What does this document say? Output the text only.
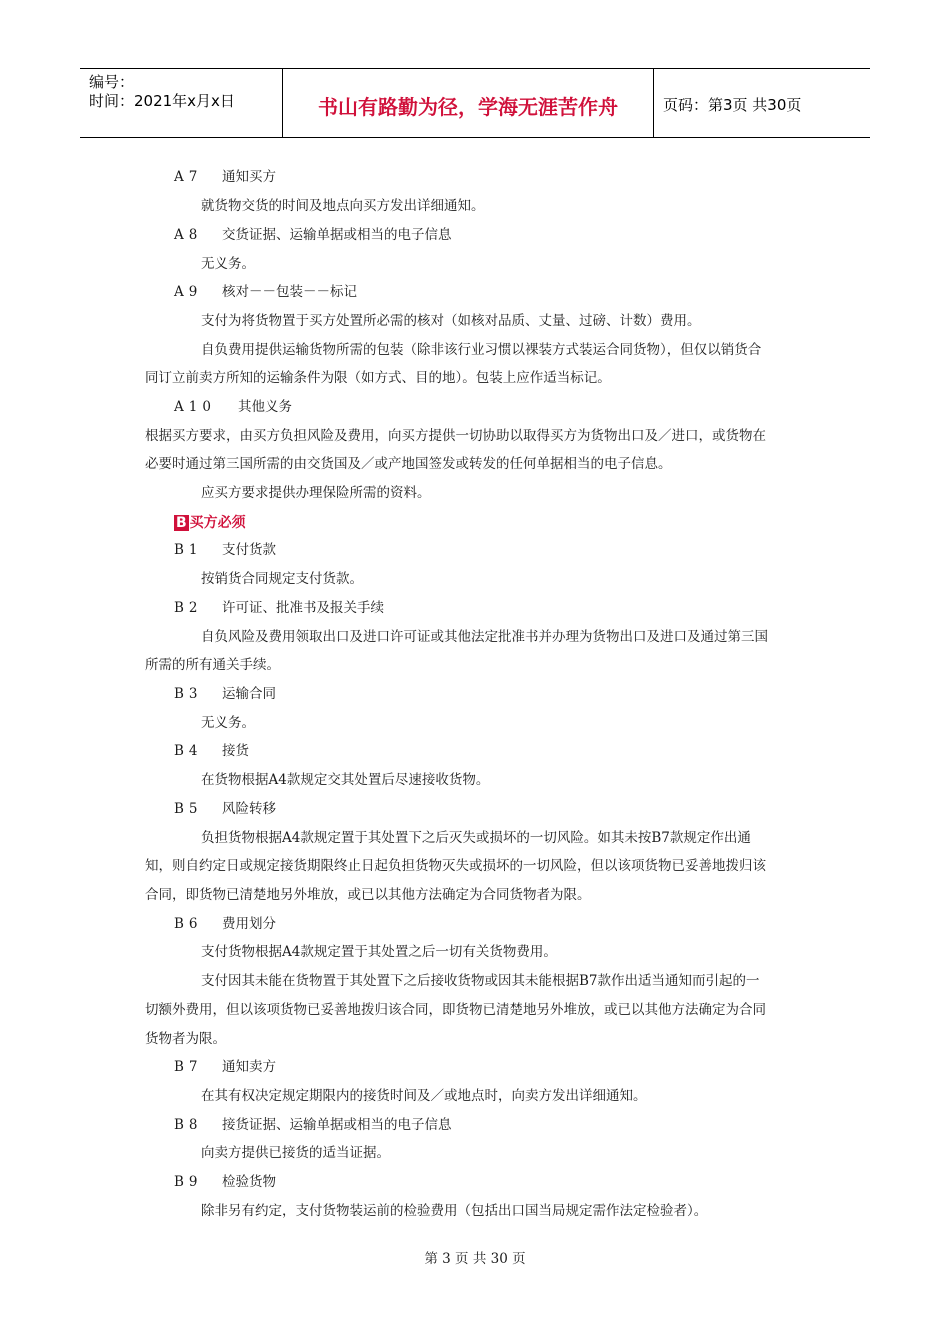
编号：
时间：2021年x月x日	书山有路勤为径，学海无涯苦作舟	页码：第3页 共30页
A7 通知买方
就货物交货的时间及地点向买方发出详细通知。
A8 交货证据、运输单据或相当的电子信息
无义务。
A9 核对－－包装－－标记
支付为将货物置于买方处置所必需的核对（如核对品质、丈量、过磅、计数）费用。
自负费用提供运输货物所需的包装（除非该行业习惯以裸装方式装运合同货物），但仅以销货合
同订立前卖方所知的运输条件为限（如方式、目的地）。包装上应作适当标记。
A10 其他义务
根据买方要求，由买方负担风险及费用，向买方提供一切协助以取得买方为货物出口及／进口，或货物在
必要时通过第三国所需的由交货国及／或产地国签发或转发的任何单据相当的电子信息。
应买方要求提供办理保险所需的资料。
B 买方必须
B1 支付货款
按销货合同规定支付货款。
B2 许可证、批准书及报关手续
自负风险及费用领取出口及进口许可证或其他法定批准书并办理为货物出口及进口及通过第三国
所需的所有通关手续。
B3 运输合同
无义务。
B4 接货
在货物根据A4款规定交其处置后尽速接收货物。
B5 风险转移
负担货物根据A4款规定置于其处置下之后灭失或损坏的一切风险。如其未按B7款规定作出通
知，则自约定日或规定接货期限终止日起负担货物灭失或损坏的一切风险，但以该项货物已妥善地拨归该
合同，即货物已清楚地另外堆放，或已以其他方法确定为合同货物者为限。
B6 费用划分
支付货物根据A4款规定置于其处置之后一切有关货物费用。
支付因其未能在货物置于其处置下之后接收货物或因其未能根据B7款作出适当通知而引起的一
切额外费用，但以该项货物已妥善地拨归该合同，即货物已清楚地另外堆放，或已以其他方法确定为合同
货物者为限。
B7 通知卖方
在其有权决定规定期限内的接货时间及／或地点时，向卖方发出详细通知。
B8 接货证据、运输单据或相当的电子信息
向卖方提供已接货的适当证据。
B9 检验货物
除非另有约定，支付货物装运前的检验费用（包括出口国当局规定需作法定检验者）。
第 3 页 共 30 页
